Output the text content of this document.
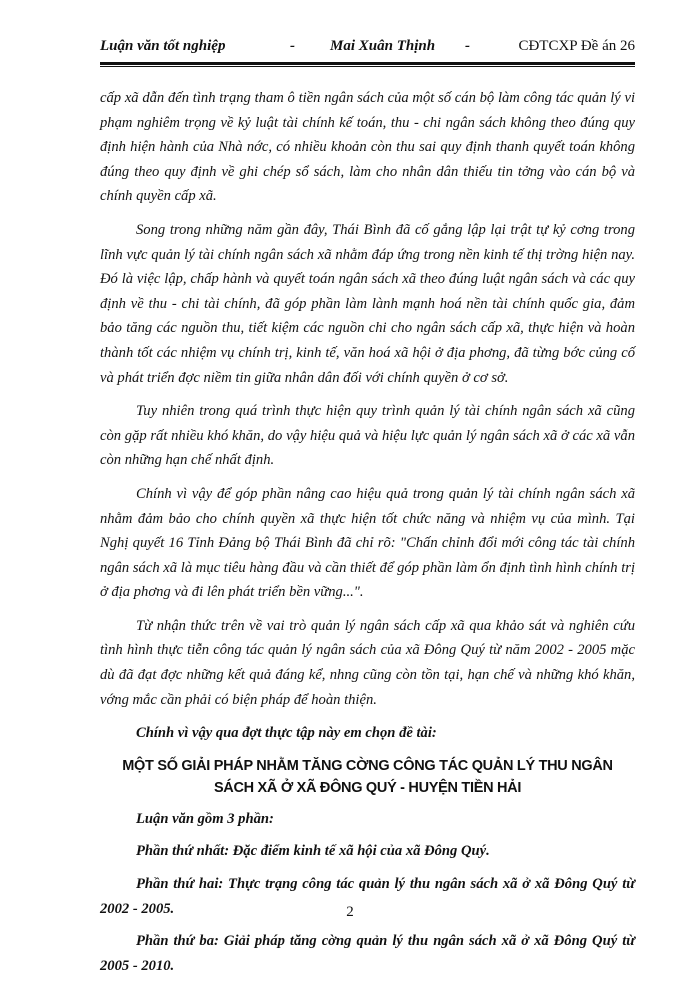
Luận văn tốt nghiệp	- Mai Xuân Thịnh -	CĐTCXP Đề án 26

cấp xã dẫn đến tình trạng tham ô tiền ngân sách của một số cán bộ làm công tác quản lý vi phạm nghiêm trọng về kỷ luật tài chính kế toán, thu - chi ngân sách không theo đúng quy định hiện hành của Nhà nớc, có nhiều khoản còn thu sai quy định thanh quyết toán không đúng theo quy định về ghi chép sổ sách, làm cho nhân dân thiếu tin tởng vào cán bộ và chính quyền cấp xã.

Song trong những năm gần đây, Thái Bình đã cố gắng lập lại trật tự kỷ cơng trong lĩnh vực quản lý tài chính ngân sách xã nhằm đáp ứng trong nền kinh tế thị trờng hiện nay. Đó là việc lập, chấp hành và quyết toán ngân sách xã theo đúng luật ngân sách và các quy định về thu - chi tài chính, đã góp phần làm lành mạnh hoá nền tài chính quốc gia, đảm bảo tăng các nguồn thu, tiết kiệm các nguồn chi cho ngân sách cấp xã, thực hiện và hoàn thành tốt các nhiệm vụ chính trị, kinh tế, văn hoá xã hội ở địa phơng, đã từng bớc củng cố và phát triển đợc niềm tin giữa nhân dân đối với chính quyền ở cơ sở.

Tuy nhiên trong quá trình thực hiện quy trình quản lý tài chính ngân sách xã cũng còn gặp rất nhiều khó khăn, do vậy hiệu quả và hiệu lực quản lý ngân sách xã ở các xã vẫn còn những hạn chế nhất định.

Chính vì vậy để góp phần nâng cao hiệu quả trong quản lý tài chính ngân sách xã nhằm đảm bảo cho chính quyền xã thực hiện tốt chức năng và nhiệm vụ của mình. Tại Nghị quyết 16 Tỉnh Đảng bộ Thái Bình đã chỉ rõ: "Chấn chỉnh đổi mới công tác tài chính ngân sách xã là mục tiêu hàng đầu và cần thiết để góp phần làm ổn định tình hình chính trị ở địa phơng và đi lên phát triển bền vững...".

Từ nhận thức trên về vai trò quản lý ngân sách cấp xã qua khảo sát và nghiên cứu tình hình thực tiễn công tác quản lý ngân sách của xã Đông Quý từ năm 2002 - 2005 mặc dù đã đạt đợc những kết quả đáng kể, nhng cũng còn tồn tại, hạn chế và những khó khăn, vớng mắc cần phải có biện pháp để hoàn thiện.

Chính vì vậy qua đợt thực tập này em chọn đề tài:

MỘT SỐ GIẢI PHÁP NHẰM TĂNG CỜNG CÔNG TÁC QUẢN LÝ THU NGÂN
SÁCH XÃ Ở XÃ ĐÔNG QUÝ - HUYỆN TIỀN HẢI

Luận văn gồm 3 phần:

Phần thứ nhất: Đặc điểm kinh tế xã hội của xã Đông Quý.

Phần thứ hai: Thực trạng công tác quản lý thu ngân sách xã ở xã Đông Quý từ 2002 - 2005.

Phần thứ ba: Giải pháp tăng cờng quản lý thu ngân sách xã ở xã Đông Quý từ 2005 - 2010.

2
